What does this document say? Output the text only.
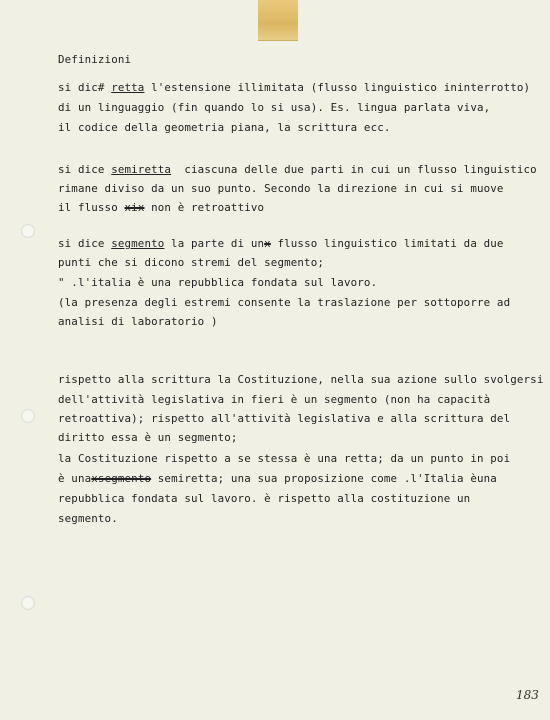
Definizioni
si dic# retta l'estensione illimitata (flusso linguistico ininterrotto)
di un linguaggio (fin quando lo si usa). Es. lingua parlata viva,
il codice della geometria piana, la scrittura ecc.
si dice semiretta  ciascuna delle due parti in cui un flusso linguistico
rimane diviso da un suo punto. Secondo la direzione in cui si muove
il flusso xix non è retroattivo
si dice segmento la parte di unx flusso linguistico limitati da due
punti che si dicono stremi del segmento;
" .l'italia è una repubblica fondata sul lavoro.
(la presenza degli estremi consente la traslazione per sottoporre ad
analisi di laboratorio )
rispetto alla scrittura la Costituzione, nella sua azione sullo svolgersi
dell'attività legislativa in fieri è un segmento (non ha capacità
retroattiva); rispetto all'attività legislativa e alla scrittura del
diritto essa è un segmento;
la Costituzione rispetto a se stessa è una retta; da un punto in poi
è unaxsegmento semiretta; una sua proposizione come .l'Italia èuna
repubblica fondata sul lavoro. è rispetto alla costituzione un
segmento.
183
